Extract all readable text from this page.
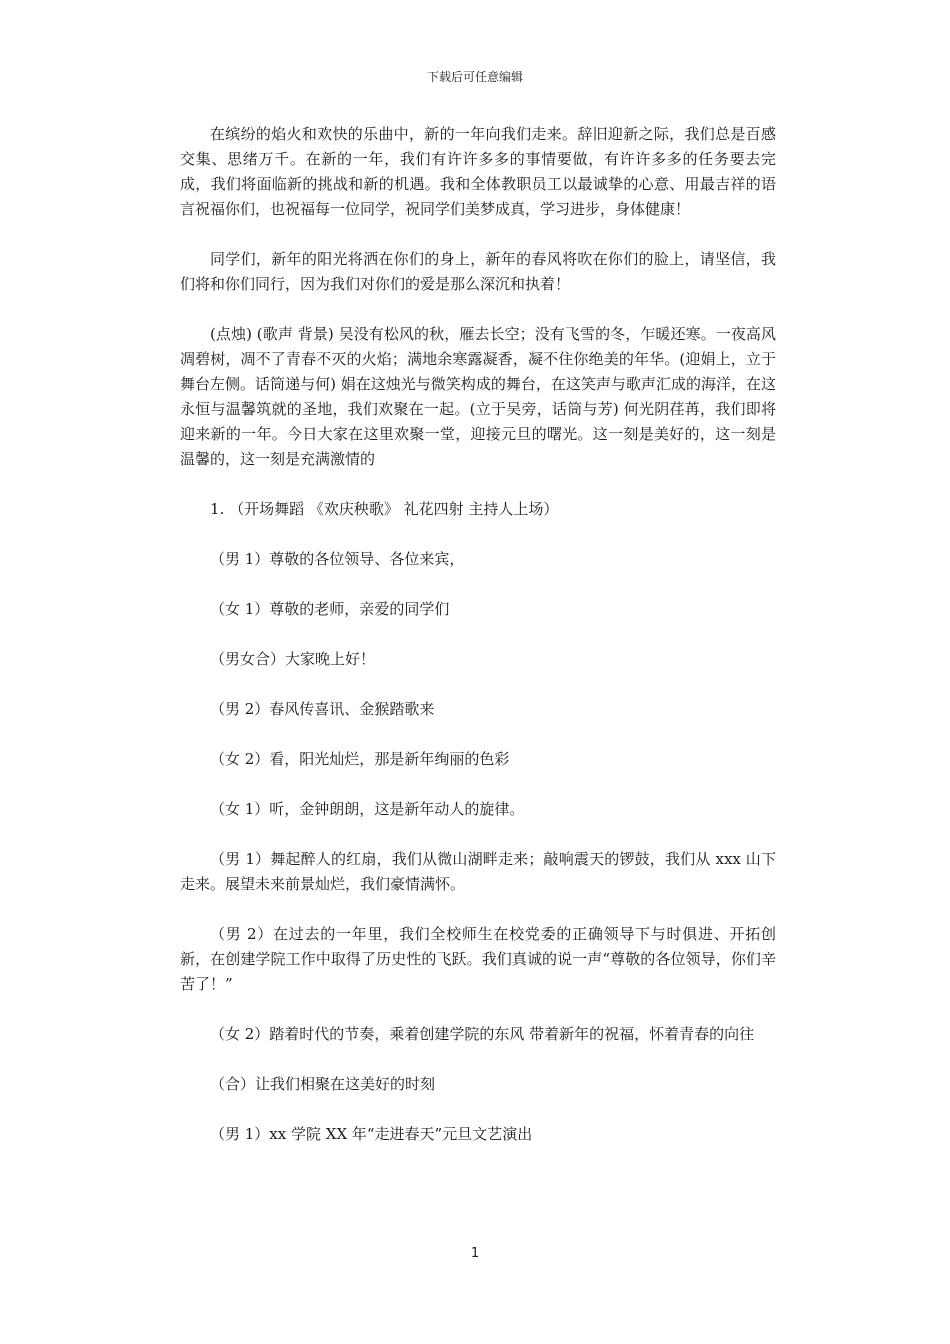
下载后可任意编辑

在缤纷的焰火和欢快的乐曲中，新的一年向我们走来。辞旧迎新之际，我们总是百感交集、思绪万千。在新的一年，我们有许许多多的事情要做，有许许多多的任务要去完成，我们将面临新的挑战和新的机遇。我和全体教职员工以最诚挚的心意、用最吉祥的语言祝福你们，也祝福每一位同学，祝同学们美梦成真，学习进步，身体健康！

同学们，新年的阳光将洒在你们的身上，新年的春风将吹在你们的脸上，请坚信，我们将和你们同行，因为我们对你们的爱是那么深沉和执着！

(点烛) (歌声 背景) 吴没有松风的秋，雁去长空；没有飞雪的冬，乍暖还寒。一夜高风凋碧树，凋不了青春不灭的火焰；满地余寒露凝香，凝不住你绝美的年华。(迎娟上，立于舞台左侧。话筒递与何) 娟在这烛光与微笑构成的舞台，在这笑声与歌声汇成的海洋，在这永恒与温馨筑就的圣地，我们欢聚在一起。(立于吴旁，话筒与芳) 何光阴荏苒，我们即将迎来新的一年。今日大家在这里欢聚一堂，迎接元旦的曙光。这一刻是美好的，这一刻是温馨的，这一刻是充满激情的

1. （开场舞蹈 《欢庆秧歌》 礼花四射 主持人上场）

（男 1）尊敬的各位领导、各位来宾，

（女 1）尊敬的老师，亲爱的同学们

（男女合）大家晚上好！

（男 2）春风传喜讯、金猴踏歌来

（女 2）看，阳光灿烂，那是新年绚丽的色彩

（女 1）听，金钟朗朗，这是新年动人的旋律。

（男 1）舞起醉人的红扇，我们从微山湖畔走来；敲响震天的锣鼓，我们从 xxx 山下走来。展望未来前景灿烂，我们豪情满怀。

（男 2）在过去的一年里，我们全校师生在校党委的正确领导下与时俱进、开拓创新，在创建学院工作中取得了历史性的飞跃。我们真诚的说一声“尊敬的各位领导，你们辛苦了！”

（女 2）踏着时代的节奏，乘着创建学院的东风 带着新年的祝福，怀着青春的向往

（合）让我们相聚在这美好的时刻

（男 1）xx 学院 XX 年“走进春天”元旦文艺演出

1
